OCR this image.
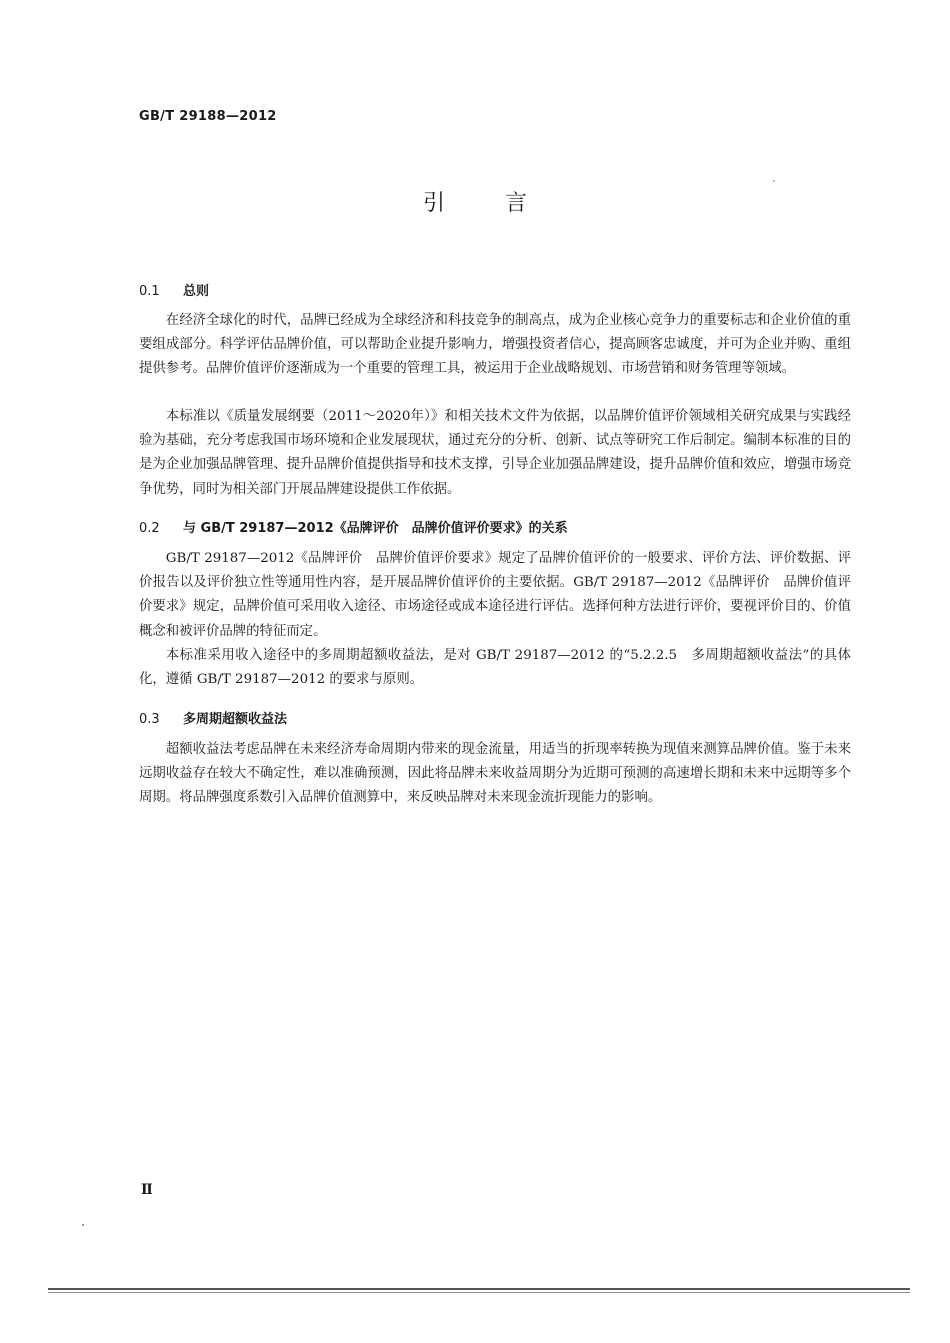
GB/T 29188—2012
引言
0.1 总则

在经济全球化的时代，品牌已经成为全球经济和科技竞争的制高点，成为企业核心竞争力的重要标志和企业价值的重要组成部分。科学评估品牌价值，可以帮助企业提升影响力，增强投资者信心，提高顾客忠诚度，并可为企业并购、重组提供参考。品牌价值评价逐渐成为一个重要的管理工具，被运用于企业战略规划、市场营销和财务管理等领域。

本标准以《质量发展纲要（2011～2020年）》和相关技术文件为依据，以品牌价值评价领域相关研究成果与实践经验为基础，充分考虑我国市场环境和企业发展现状，通过充分的分析、创新、试点等研究工作后制定。编制本标准的目的是为企业加强品牌管理、提升品牌价值提供指导和技术支撑，引导企业加强品牌建设，提升品牌价值和效应，增强市场竞争优势，同时为相关部门开展品牌建设提供工作依据。

0.2 与 GB/T 29187—2012《品牌评价　品牌价值评价要求》的关系

GB/T 29187—2012《品牌评价　品牌价值评价要求》规定了品牌价值评价的一般要求、评价方法、评价数据、评价报告以及评价独立性等通用性内容，是开展品牌价值评价的主要依据。GB/T 29187—2012《品牌评价　品牌价值评价要求》规定，品牌价值可采用收入途径、市场途径或成本途径进行评估。选择何种方法进行评价，要视评价目的、价值概念和被评价品牌的特征而定。

本标准采用收入途径中的多周期超额收益法，是对 GB/T 29187—2012 的“5.2.2.5　多周期超额收益法”的具体化，遵循 GB/T 29187—2012 的要求与原则。

0.3 多周期超额收益法

超额收益法考虑品牌在未来经济寿命周期内带来的现金流量，用适当的折现率转换为现值来测算品牌价值。鉴于未来远期收益存在较大不确定性，难以准确预测，因此将品牌未来收益周期分为近期可预测的高速增长期和未来中远期等多个周期。将品牌强度系数引入品牌价值测算中，来反映品牌对未来现金流折现能力的影响。

Ⅱ
